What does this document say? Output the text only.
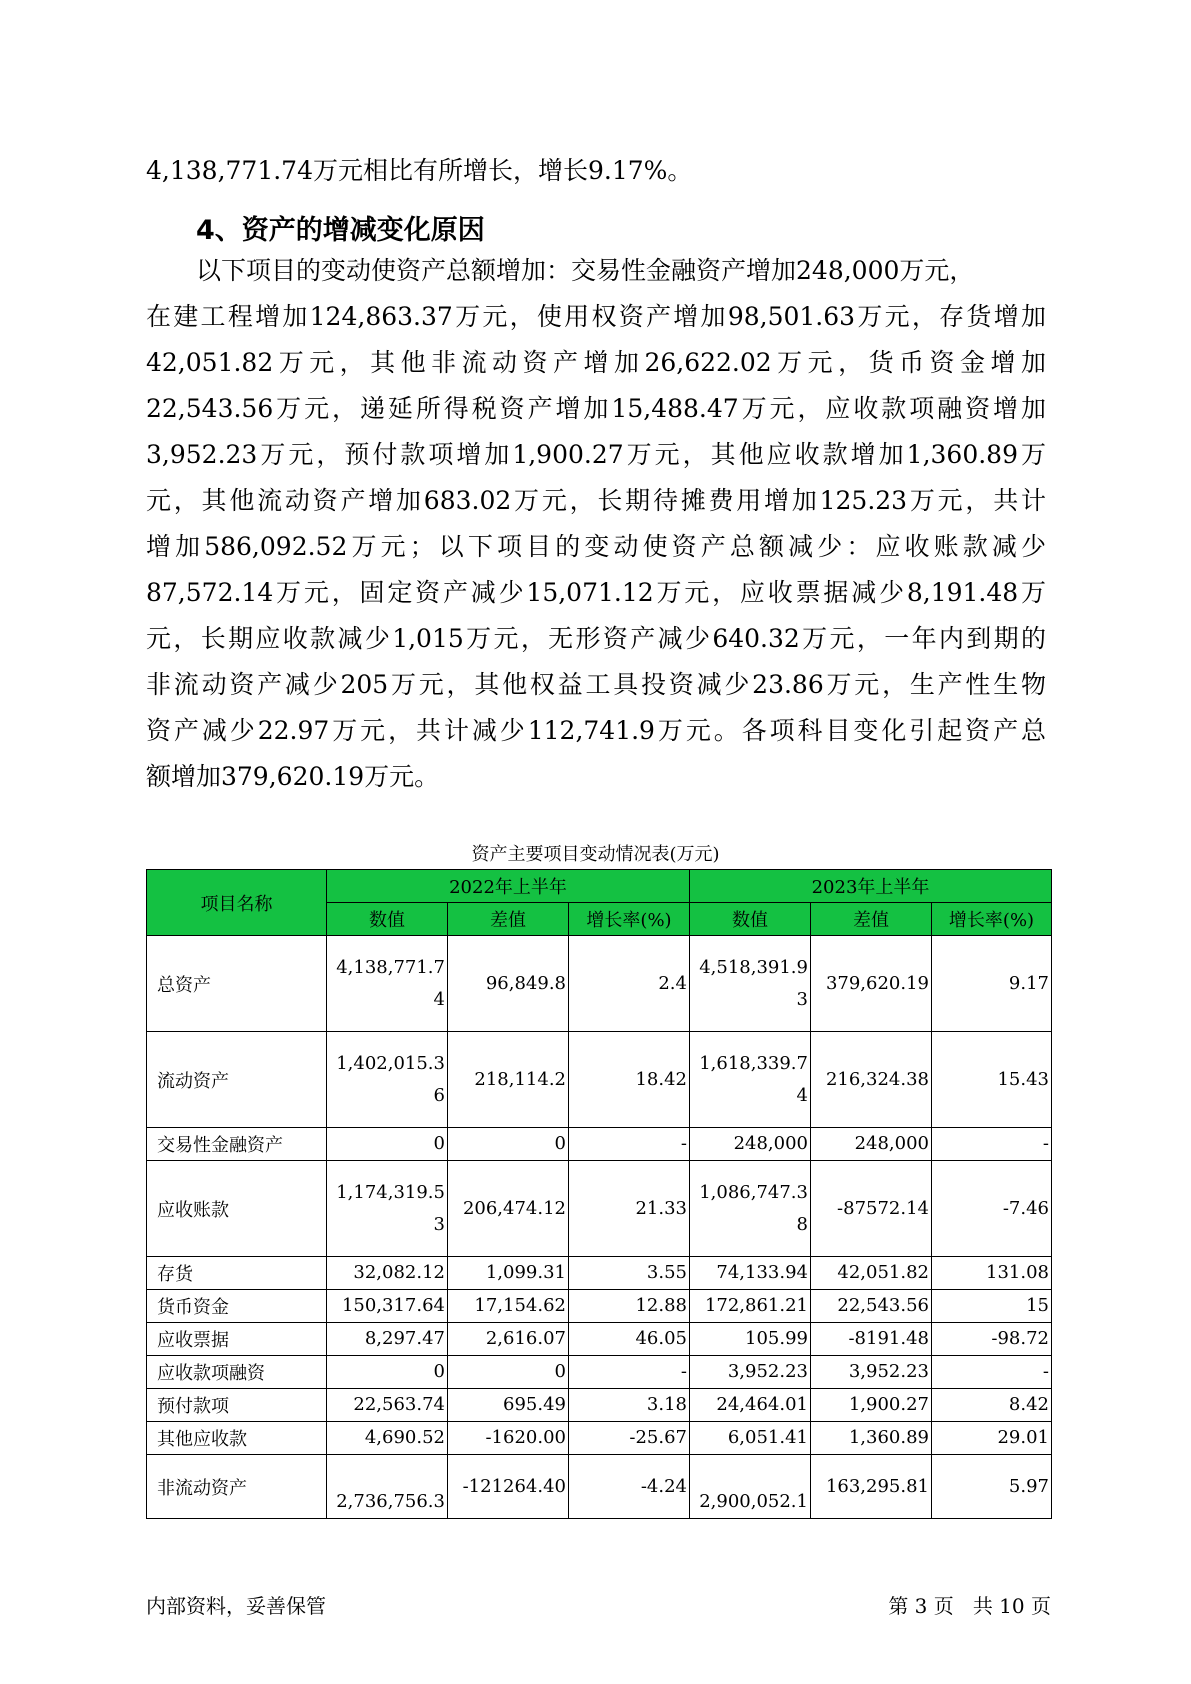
4,138,771.74万元相比有所增长，增长9.17%。
4、资产的增减变化原因
以下项目的变动使资产总额增加：交易性金融资产增加248,000万元，
在建工程增加124,863.37万元，使用权资产增加98,501.63万元，存货增加
42,051.82万元，其他非流动资产增加26,622.02万元，货币资金增加
22,543.56万元，递延所得税资产增加15,488.47万元，应收款项融资增加
3,952.23万元，预付款项增加1,900.27万元，其他应收款增加1,360.89万
元，其他流动资产增加683.02万元，长期待摊费用增加125.23万元，共计
增加586,092.52万元；以下项目的变动使资产总额减少：应收账款减少
87,572.14万元，固定资产减少15,071.12万元，应收票据减少8,191.48万
元，长期应收款减少1,015万元，无形资产减少640.32万元，一年内到期的
非流动资产减少205万元，其他权益工具投资减少23.86万元，生产性生物
资产减少22.97万元，共计减少112,741.9万元。各项科目变化引起资产总
额增加379,620.19万元。
资产主要项目变动情况表(万元)
项目名称	2022年上半年			2023年上半年		
	数值	差值	增长率(%)	数值	差值	增长率(%)
总资产	4,138,771.74	96,849.8	2.4	4,518,391.93	379,620.19	9.17
流动资产	1,402,015.36	218,114.2	18.42	1,618,339.74	216,324.38	15.43
交易性金融资产	0	0	-	248,000	248,000	-
应收账款	1,174,319.53	206,474.12	21.33	1,086,747.38	-87572.14	-7.46
存货	32,082.12	1,099.31	3.55	74,133.94	42,051.82	131.08
货币资金	150,317.64	17,154.62	12.88	172,861.21	22,543.56	15
应收票据	8,297.47	2,616.07	46.05	105.99	-8191.48	-98.72
应收款项融资	0	0	-	3,952.23	3,952.23	-
预付款项	22,563.74	695.49	3.18	24,464.01	1,900.27	8.42
其他应收款	4,690.52	-1620.00	-25.67	6,051.41	1,360.89	29.01
非流动资产	2,736,756.3	-121264.40	-4.24	2,900,052.1	163,295.81	5.97
内部资料，妥善保管	第 3 页   共 10 页
